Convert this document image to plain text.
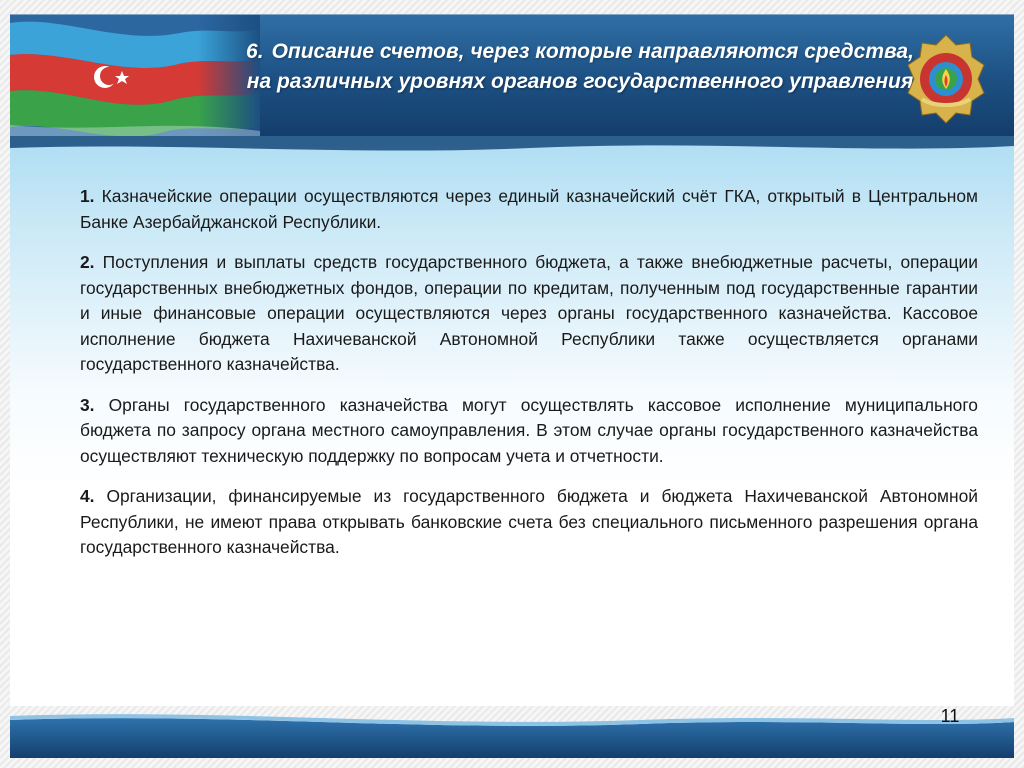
6. Описание счетов, через которые направляются средства, на различных уровнях органов государственного управления

1. Казначейские операции осуществляются через единый казначейский счёт ГКА, открытый в Центральном Банке Азербайджанской Республики.

2. Поступления и выплаты средств государственного бюджета, а также внебюджетные расчеты, операции государственных внебюджетных фондов, операции по кредитам, полученным под государственные гарантии и иные финансовые операции осуществляются через органы государственного казначейства. Кассовое исполнение бюджета Нахичеванской Автономной Республики также осуществляется органами государственного казначейства.

3. Органы государственного казначейства могут осуществлять кассовое исполнение муниципального бюджета по запросу органа местного самоуправления. В этом случае органы государственного казначейства осуществляют техническую поддержку по вопросам учета и отчетности.

4. Организации, финансируемые из государственного бюджета и бюджета Нахичеванской Автономной Республики, не имеют права открывать банковские счета без специального письменного разрешения органа государственного казначейства.

11
